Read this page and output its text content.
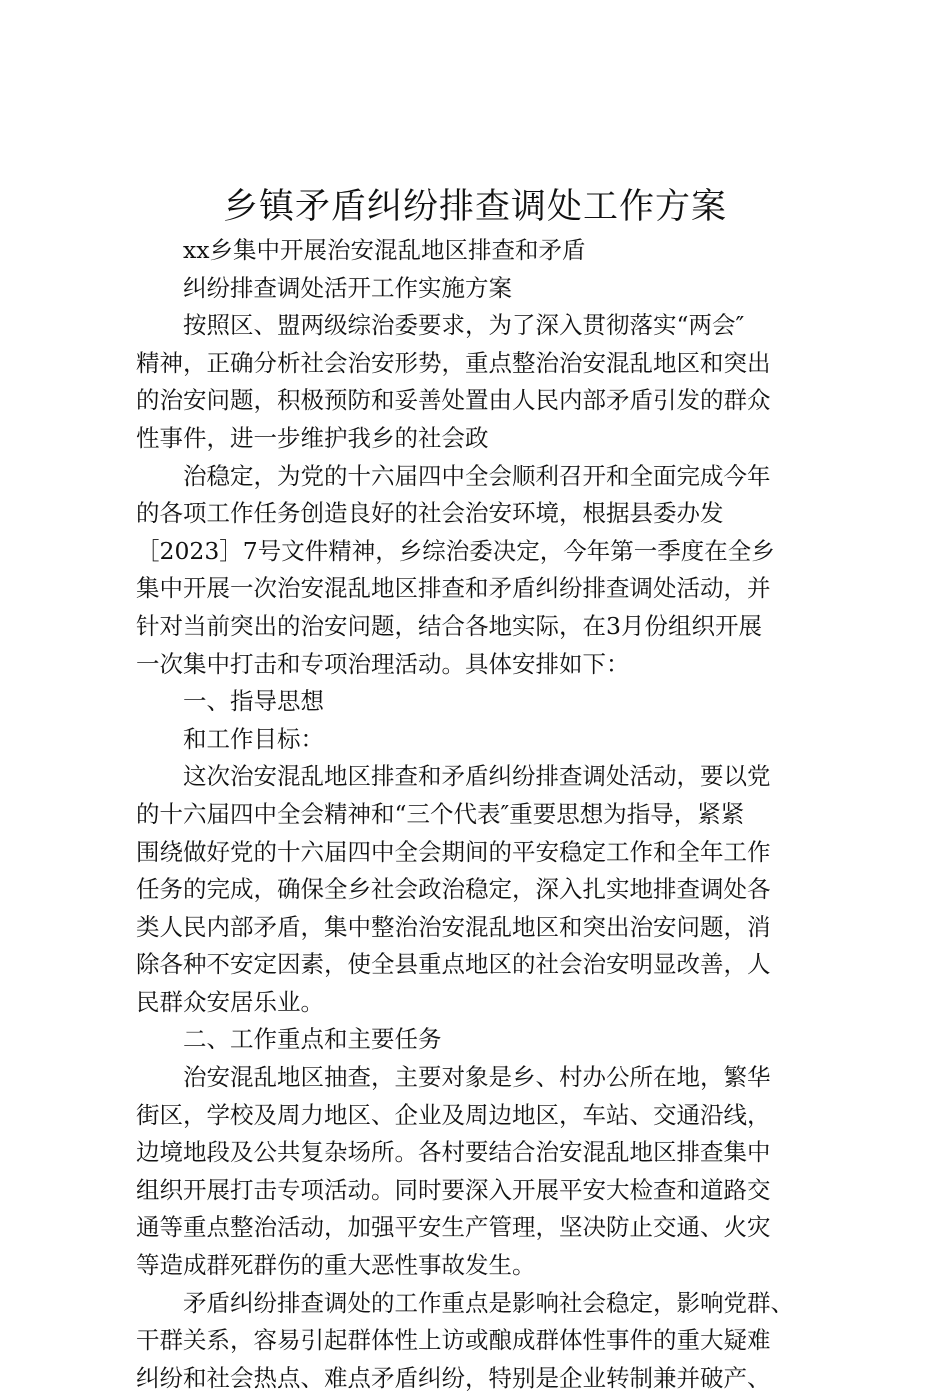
乡镇矛盾纠纷排查调处工作方案
xx乡集中开展治安混乱地区排查和矛盾
纠纷排查调处活开工作实施方案
按照区、盟两级综治委要求，为了深入贯彻落实“两会″
精神，正确分析社会治安形势，重点整治治安混乱地区和突出
的治安问题，积极预防和妥善处置由人民内部矛盾引发的群众
性事件，进一步维护我乡的社会政
治稳定，为党的十六届四中全会顺利召开和全面完成今年
的各项工作任务创造良好的社会治安环境，根据县委办发
［2023］7号文件精神，乡综治委决定，今年第一季度在全乡
集中开展一次治安混乱地区排查和矛盾纠纷排查调处活动，并
针对当前突出的治安问题，结合各地实际，在3月份组织开展
一次集中打击和专项治理活动。具体安排如下：
一、指导思想
和工作目标：
这次治安混乱地区排查和矛盾纠纷排查调处活动，要以党
的十六届四中全会精神和“三个代表″重要思想为指导，紧紧
围绕做好党的十六届四中全会期间的平安稳定工作和全年工作
任务的完成，确保全乡社会政治稳定，深入扎实地排查调处各
类人民内部矛盾，集中整治治安混乱地区和突出治安问题，消
除各种不安定因素，使全县重点地区的社会治安明显改善，人
民群众安居乐业。
二、工作重点和主要任务
治安混乱地区抽查，主要对象是乡、村办公所在地，繁华
街区，学校及周力地区、企业及周边地区，车站、交通沿线，
边境地段及公共复杂场所。各村要结合治安混乱地区排查集中
组织开展打击专项活动。同时要深入开展平安大检查和道路交
通等重点整治活动，加强平安生产管理，坚决防止交通、火灾
等造成群死群伤的重大恶性事故发生。
矛盾纠纷排查调处的工作重点是影响社会稳定，影响党群、
干群关系，容易引起群体性上访或酿成群体性事件的重大疑难
纠纷和社会热点、难点矛盾纠纷，特别是企业转制兼并破产、
